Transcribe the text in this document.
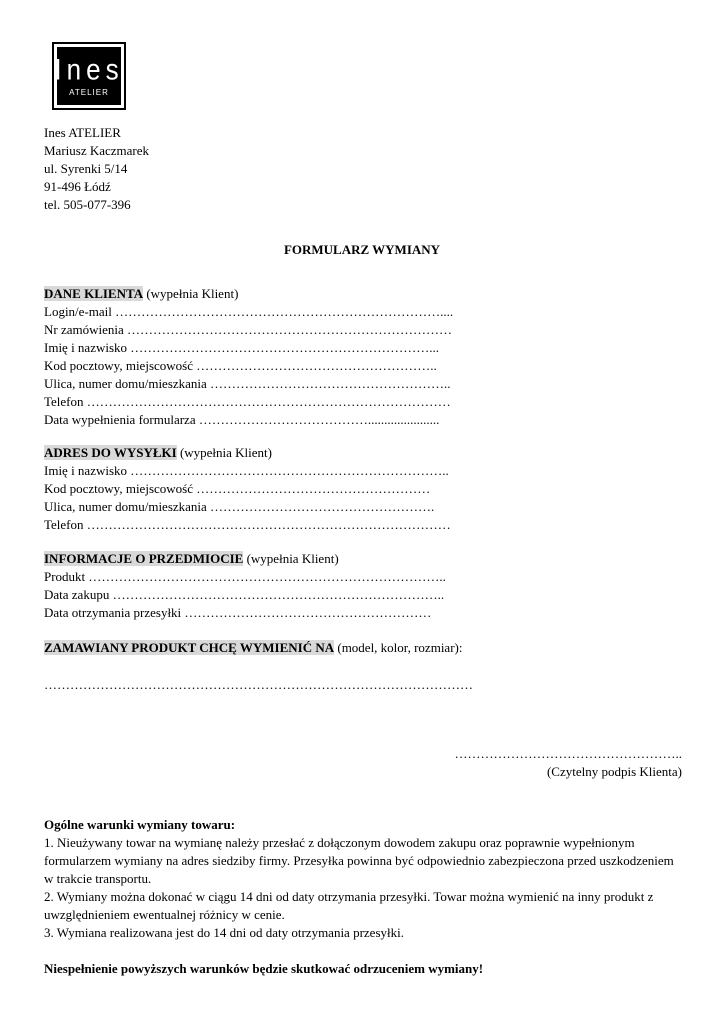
Ines
ATELIER
Ines ATELIER
Mariusz Kaczmarek
ul. Syrenki 5/14
91-496 Łódź
tel. 505-077-396
FORMULARZ WYMIANY
DANE KLIENTA (wypełnia Klient)
Login/e-mail …………………………………………………………………....
Nr zamówienia …………………………………………………………………
Imię i nazwisko ……………………………………………………………...
Kod pocztowy, miejscowość ………………………………………………..
Ulica, numer domu/mieszkania ………………………………………………..
Telefon …………………………………………………………………………
Data wypełnienia formularza …………………………………......................
ADRES DO WYSYŁKI (wypełnia Klient)
Imię i nazwisko ………………………………………………………………..
Kod pocztowy, miejscowość ………………………………………………
Ulica, numer domu/mieszkania …………………………………………….
Telefon …………………………………………………………………………
INFORMACJE O PRZEDMIOCIE (wypełnia Klient)
Produkt ………………………………………………………………………..
Data zakupu …………………………………………………………………..
Data otrzymania przesyłki …………………………………………………
ZAMAWIANY PRODUKT CHCĘ WYMIENIĆ NA (model, kolor, rozmiar):
………………………………………………………………………………………
……………………………………………..
(Czytelny podpis Klienta)
Ogólne warunki wymiany towaru:
1. Nieużywany towar na wymianę należy przesłać z dołączonym dowodem zakupu oraz poprawnie wypełnionym formularzem wymiany na adres siedziby firmy. Przesyłka powinna być odpowiednio zabezpieczona przed uszkodzeniem w trakcie transportu.
2. Wymiany można dokonać w ciągu 14 dni od daty otrzymania przesyłki. Towar można wymienić na inny produkt z uwzględnieniem ewentualnej różnicy w cenie.
3. Wymiana realizowana jest do 14 dni od daty otrzymania przesyłki.
Niespełnienie powyższych warunków będzie skutkować odrzuceniem wymiany!
